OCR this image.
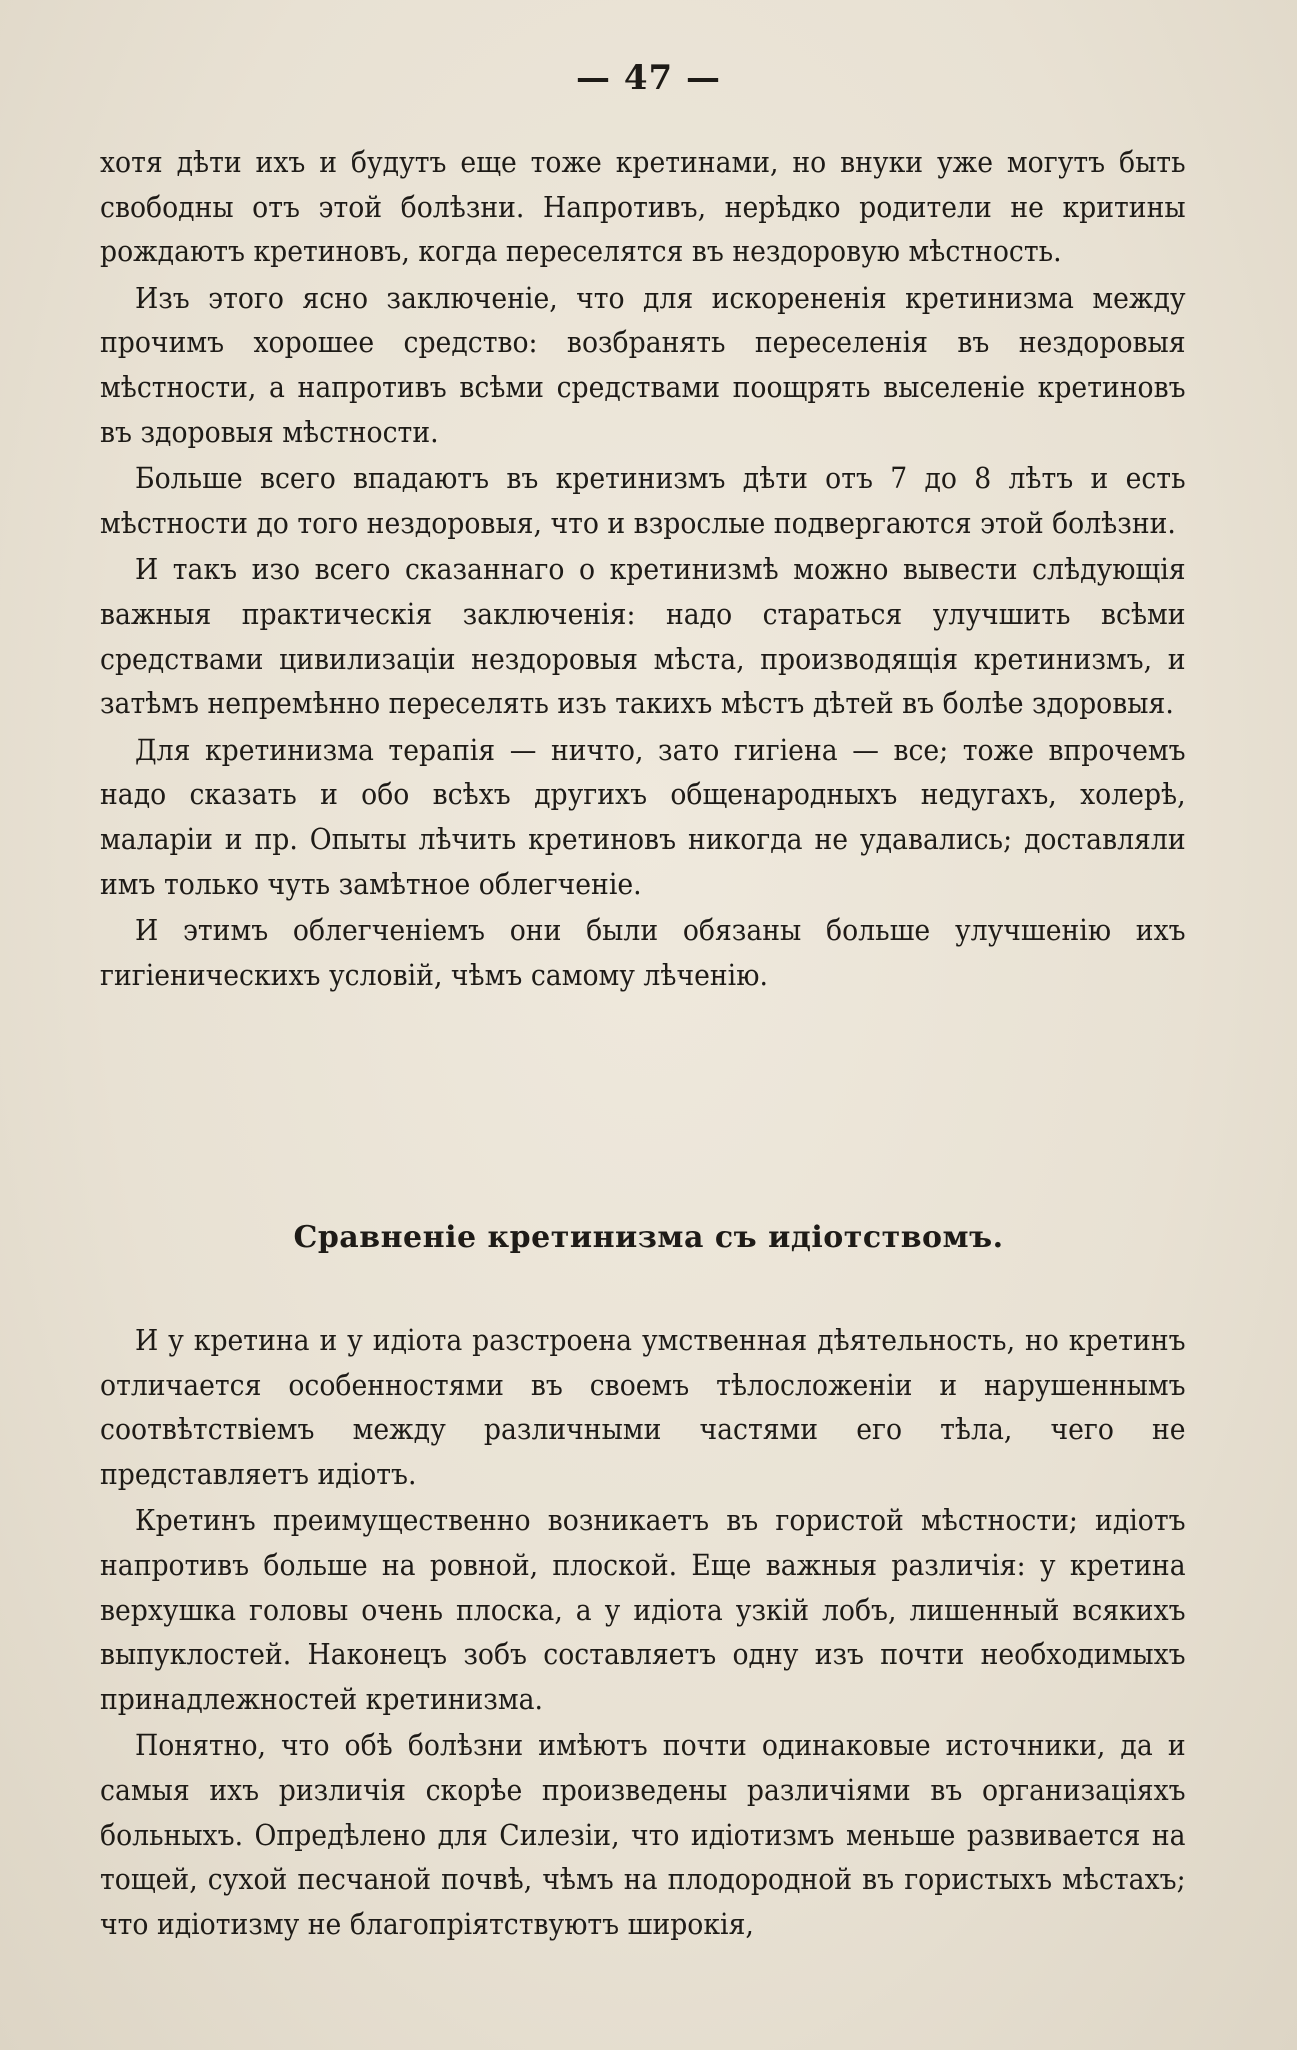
— 47 —

хотя дѣти ихъ и будутъ еще тоже кретинами, но внуки уже могутъ быть свободны отъ этой болѣзни. Напротивъ, нерѣдко родители не критины рождаютъ кретиновъ, когда переселятся въ нездоровую мѣстность.

Изъ этого ясно заключеніе, что для искорененія кретинизма между прочимъ хорошее средство: возбранять переселенія въ нездоровыя мѣстности, а напротивъ всѣми средствами поощрять выселеніе кретиновъ въ здоровыя мѣстности.

Больше всего впадаютъ въ кретинизмъ дѣти отъ 7 до 8 лѣтъ и есть мѣстности до того нездоровыя, что и взрослые подвергаются этой болѣзни.

И такъ изо всего сказаннаго о кретинизмѣ можно вывести слѣдующія важныя практическія заключенія: надо стараться улучшить всѣми средствами цивилизаціи нездоровыя мѣста, производящія кретинизмъ, и затѣмъ непремѣнно переселять изъ такихъ мѣстъ дѣтей въ болѣе здоровыя.

Для кретинизма терапія — ничто, зато гигіена — все; тоже впрочемъ надо сказать и обо всѣхъ другихъ общенародныхъ недугахъ, холерѣ, маларіи и пр. Опыты лѣчить кретиновъ никогда не удавались; доставляли имъ только чуть замѣтное облегченіе.

И этимъ облегченіемъ они были обязаны больше улучшенію ихъ гигіеническихъ условій, чѣмъ самому лѣченію.

Сравненіе кретинизма съ идіотствомъ.

И у кретина и у идіота разстроена умственная дѣятельность, но кретинъ отличается особенностями въ своемъ тѣлосложеніи и нарушеннымъ соотвѣтствіемъ между различными частями его тѣла, чего не представляетъ идіотъ.

Кретинъ преимущественно возникаетъ въ гористой мѣстности; идіотъ напротивъ больше на ровной, плоской. Еще важныя различія: у кретина верхушка головы очень плоска, а у идіота узкій лобъ, лишенный всякихъ выпуклостей. Наконецъ зобъ составляетъ одну изъ почти необходимыхъ принадлежностей кретинизма.

Понятно, что обѣ болѣзни имѣютъ почти одинаковые источники, да и самыя ихъ ризличія скорѣе произведены различіями въ организаціяхъ больныхъ. Опредѣлено для Силезіи, что идіотизмъ меньше развивается на тощей, сухой песчаной почвѣ, чѣмъ на плодородной въ гористыхъ мѣстахъ; что идіотизму не благопріятствуютъ широкія,
